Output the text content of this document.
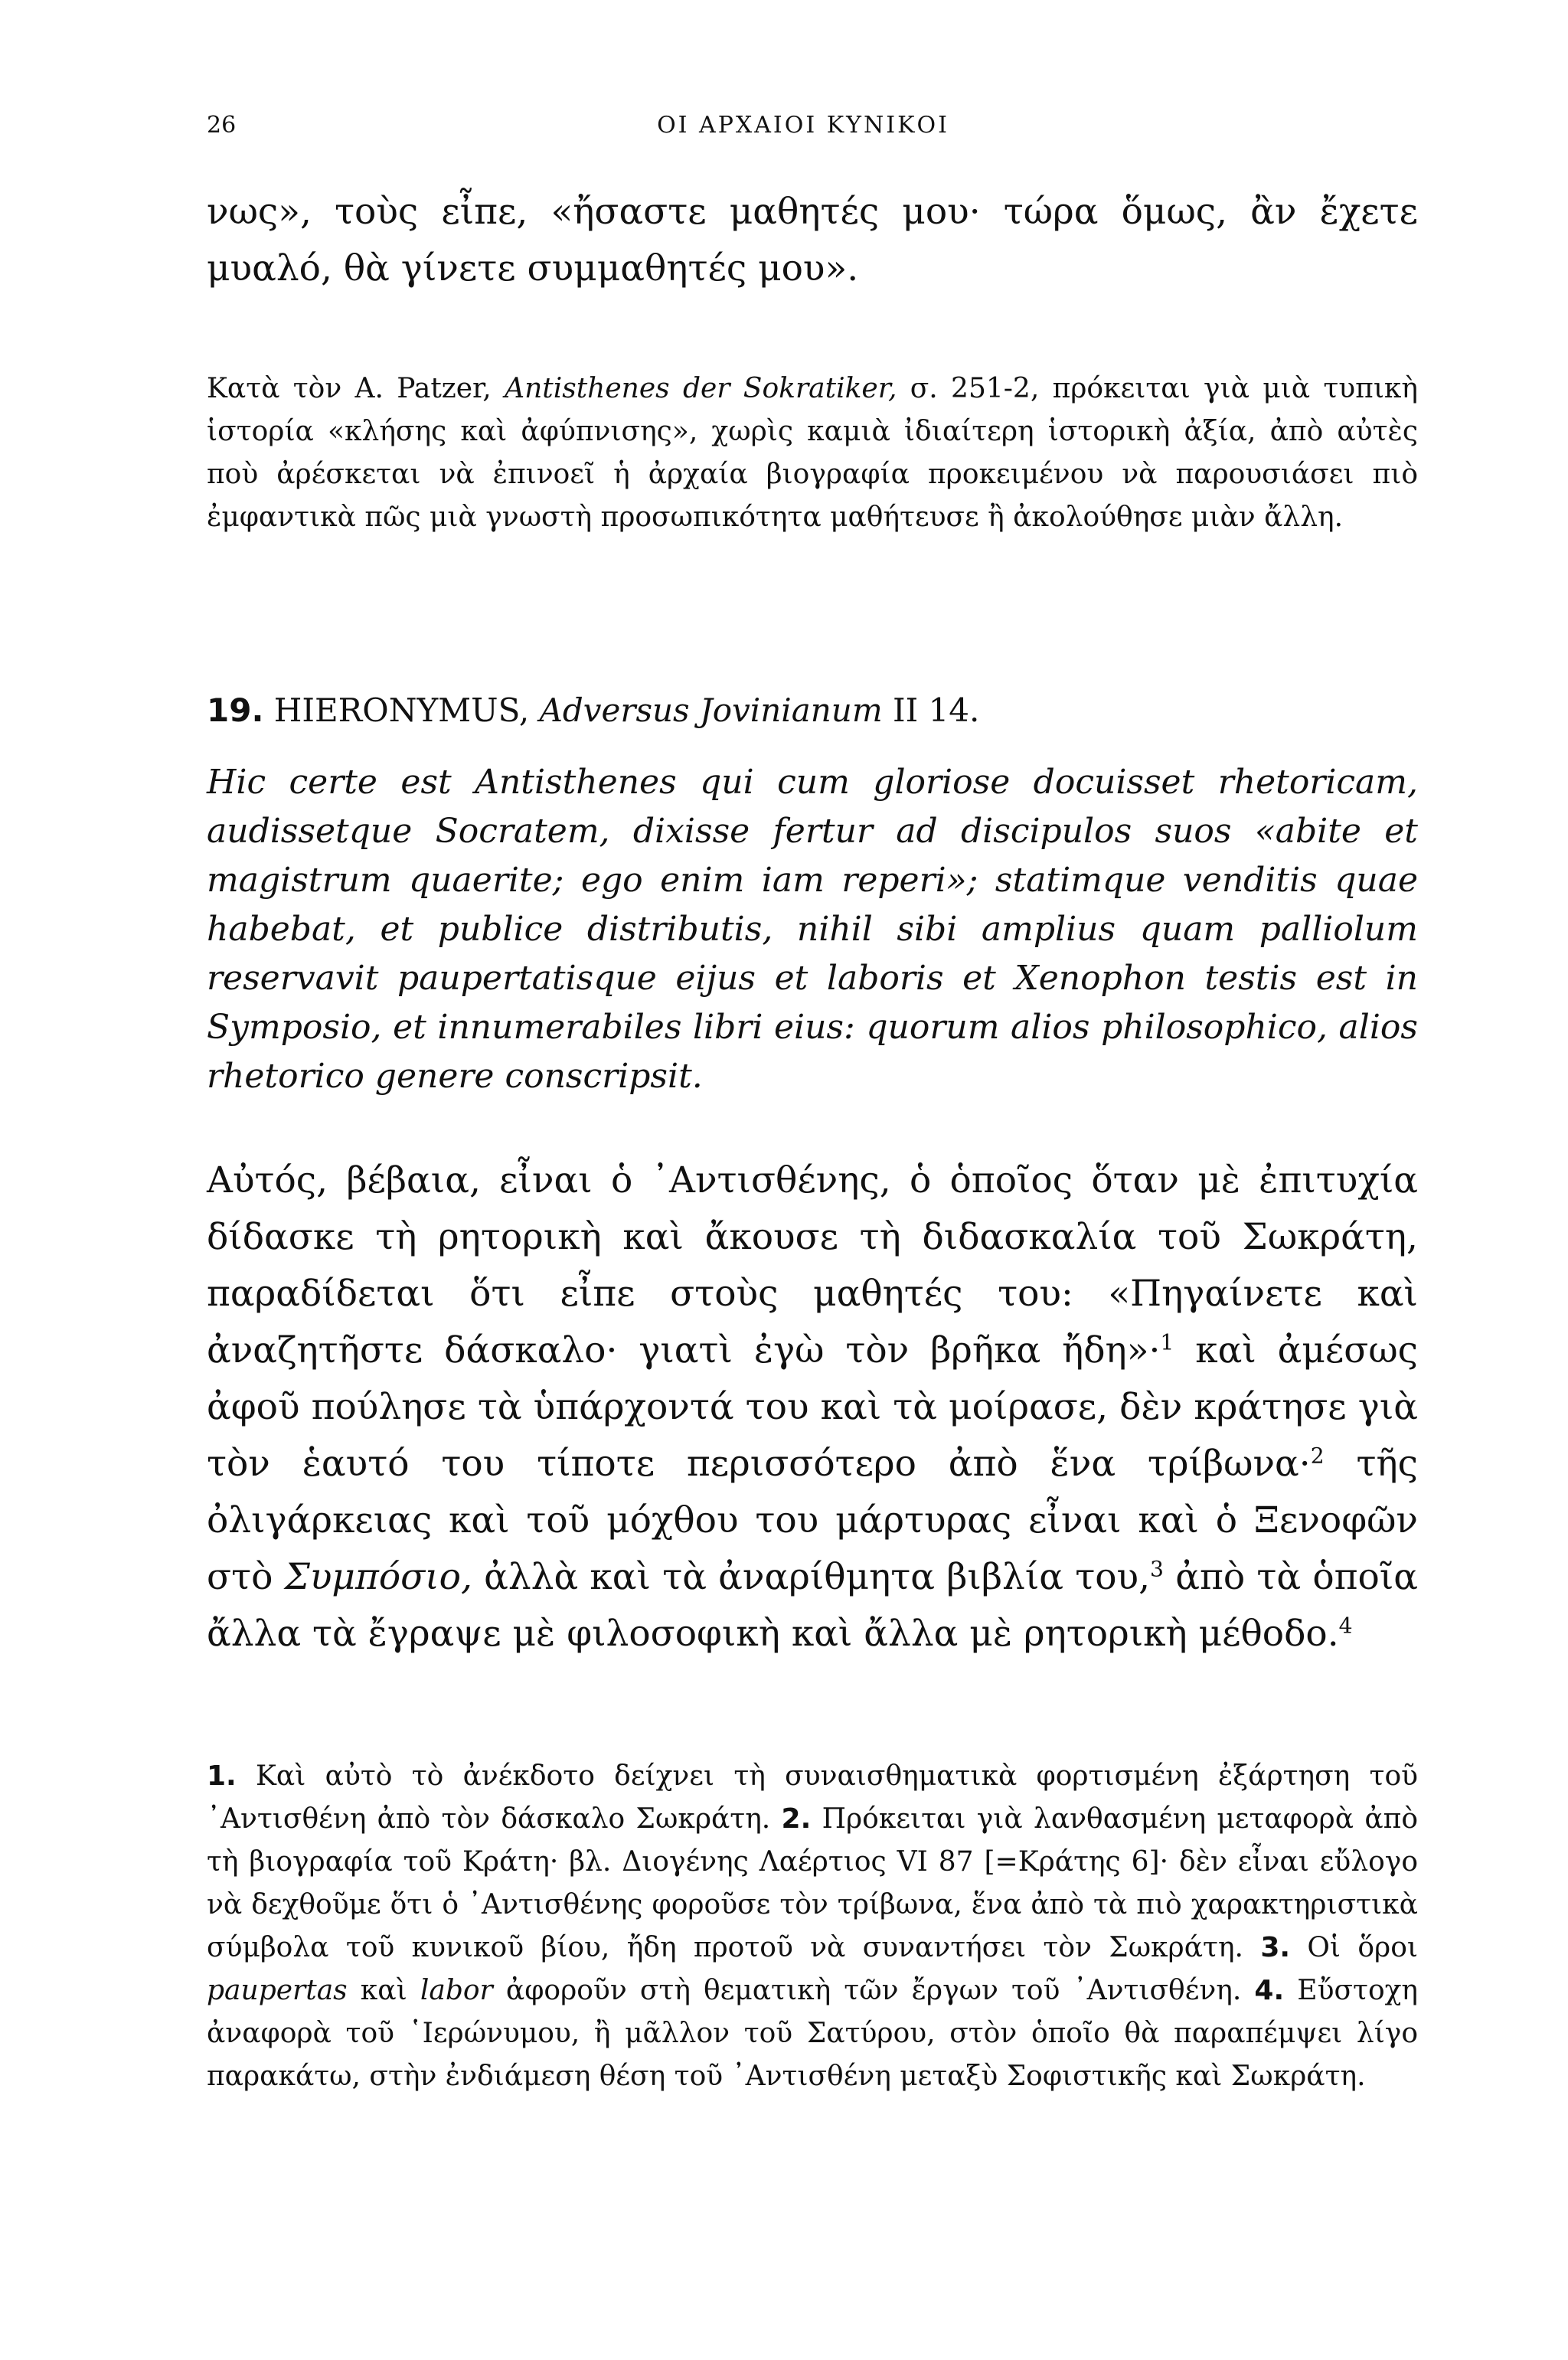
26	ΟΙ ΑΡΧΑΙΟΙ ΚΥΝΙΚΟΙ

νως», τοὺς εἶπε, «ἤσαστε μαθητές μου· τώρα ὅμως, ἂν ἔχετε μυαλό, θὰ γίνετε συμμαθητές μου».

Κατὰ τὸν A. Patzer, Antisthenes der Sokratiker, σ. 251-2, πρόκειται γιὰ μιὰ τυπικὴ ἱστορία «κλήσης καὶ ἀφύπνισης», χωρὶς καμιὰ ἰδιαίτερη ἱστορικὴ ἀξία, ἀπὸ αὐτὲς ποὺ ἀρέσκεται νὰ ἐπινοεῖ ἡ ἀρχαία βιογραφία προκειμένου νὰ παρουσιάσει πιὸ ἐμφαντικὰ πῶς μιὰ γνωστὴ προσωπικότητα μαθήτευσε ἢ ἀκολούθησε μιὰν ἄλλη.

19. HIERONYMUS, Adversus Jovinianum II 14.

Hic certe est Antisthenes qui cum gloriose docuisset rhetoricam, audissetque Socratem, dixisse fertur ad discipulos suos «abite et magistrum quaerite; ego enim iam reperi»; statimque venditis quae habebat, et publice distributis, nihil sibi amplius quam palliolum reservavit paupertatisque eijus et laboris et Xenophon testis est in Symposio, et innumerabiles libri eius: quorum alios philosophico, alios rhetorico genere conscripsit.

Αὐτός, βέβαια, εἶναι ὁ ᾽Αντισθένης, ὁ ὁποῖος ὅταν μὲ ἐπιτυχία δίδασκε τὴ ρητορικὴ καὶ ἄκουσε τὴ διδασκαλία τοῦ Σωκράτη, παραδίδεται ὅτι εἶπε στοὺς μαθητές του: «Πηγαίνετε καὶ ἀναζητῆστε δάσκαλο· γιατὶ ἐγὼ τὸν βρῆκα ἤδη»·$^1$ καὶ ἀμέσως ἀφοῦ πούλησε τὰ ὑπάρχοντά του καὶ τὰ μοίρασε, δὲν κράτησε γιὰ τὸν ἑαυτό του τίποτε περισσότερο ἀπὸ ἕνα τρίβωνα·$^2$ τῆς ὀλιγάρκειας καὶ τοῦ μόχθου του μάρτυρας εἶναι καὶ ὁ Ξενοφῶν στὸ Συμπόσιο, ἀλλὰ καὶ τὰ ἀναρίθμητα βιβλία του,$^3$ ἀπὸ τὰ ὁποῖα ἄλλα τὰ ἔγραψε μὲ φιλοσοφικὴ καὶ ἄλλα μὲ ρητορικὴ μέθοδο.$^4$

1. Καὶ αὐτὸ τὸ ἀνέκδοτο δείχνει τὴ συναισθηματικὰ φορτισμένη ἐξάρτηση τοῦ ᾽Αντισθένη ἀπὸ τὸν δάσκαλο Σωκράτη. 2. Πρόκειται γιὰ λανθασμένη μεταφορὰ ἀπὸ τὴ βιογραφία τοῦ Κράτη· βλ. Διογένης Λαέρτιος VI 87 [=Κράτης 6]· δὲν εἶναι εὔλογο νὰ δεχθοῦμε ὅτι ὁ ᾽Αντισθένης φοροῦσε τὸν τρίβωνα, ἕνα ἀπὸ τὰ πιὸ χαρακτηριστικὰ σύμβολα τοῦ κυνικοῦ βίου, ἤδη προτοῦ νὰ συναντήσει τὸν Σωκράτη. 3. Οἱ ὅροι paupertas καὶ labor ἀφοροῦν στὴ θεματικὴ τῶν ἔργων τοῦ ᾽Αντισθένη. 4. Εὔστοχη ἀναφορὰ τοῦ ῾Ιερώνυμου, ἢ μᾶλλον τοῦ Σατύρου, στὸν ὁποῖο θὰ παραπέμψει λίγο παρακάτω, στὴν ἐνδιάμεση θέση τοῦ ᾽Αντισθένη μεταξὺ Σοφιστικῆς καὶ Σωκράτη.
